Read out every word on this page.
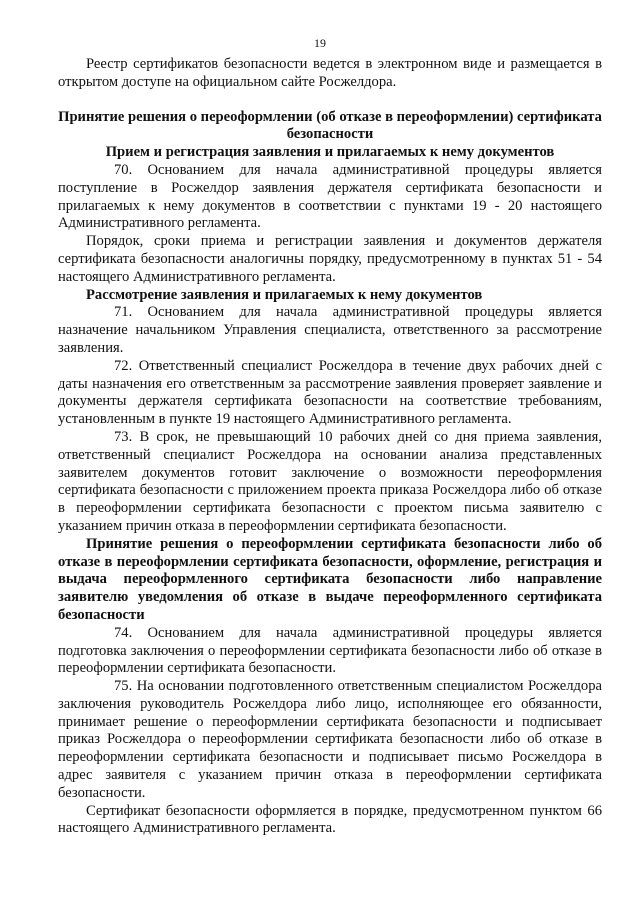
19

Реестр сертификатов безопасности ведется в электронном виде и размещается в открытом доступе на официальном сайте Росжелдора.

Принятие решения о переоформлении (об отказе в переоформлении) сертификата безопасности

Прием и регистрация заявления и прилагаемых к нему документов

70. Основанием для начала административной процедуры является поступление в Росжелдор заявления держателя сертификата безопасности и прилагаемых к нему документов в соответствии с пунктами 19 - 20 настоящего Административного регламента.

Порядок, сроки приема и регистрации заявления и документов держателя сертификата безопасности аналогичны порядку, предусмотренному в пунктах 51 - 54 настоящего Административного регламента.

Рассмотрение заявления и прилагаемых к нему документов

71. Основанием для начала административной процедуры является назначение начальником Управления специалиста, ответственного за рассмотрение заявления.

72. Ответственный специалист Росжелдора в течение двух рабочих дней с даты назначения его ответственным за рассмотрение заявления проверяет заявление и документы держателя сертификата безопасности на соответствие требованиям, установленным в пункте 19 настоящего Административного регламента.

73. В срок, не превышающий 10 рабочих дней со дня приема заявления, ответственный специалист Росжелдора на основании анализа представленных заявителем документов готовит заключение о возможности переоформления сертификата безопасности с приложением проекта приказа Росжелдора либо об отказе в переоформлении сертификата безопасности с проектом письма заявителю с указанием причин отказа в переоформлении сертификата безопасности.

Принятие решения о переоформлении сертификата безопасности либо об отказе в переоформлении сертификата безопасности, оформление, регистрация и выдача переоформленного сертификата безопасности либо направление заявителю уведомления об отказе в выдаче переоформленного сертификата безопасности

74. Основанием для начала административной процедуры является подготовка заключения о переоформлении сертификата безопасности либо об отказе в переоформлении сертификата безопасности.

75. На основании подготовленного ответственным специалистом Росжелдора заключения руководитель Росжелдора либо лицо, исполняющее его обязанности, принимает решение о переоформлении сертификата безопасности и подписывает приказ Росжелдора о переоформлении сертификата безопасности либо об отказе в переоформлении сертификата безопасности и подписывает письмо Росжелдора в адрес заявителя с указанием причин отказа в переоформлении сертификата безопасности.

Сертификат безопасности оформляется в порядке, предусмотренном пунктом 66 настоящего Административного регламента.
